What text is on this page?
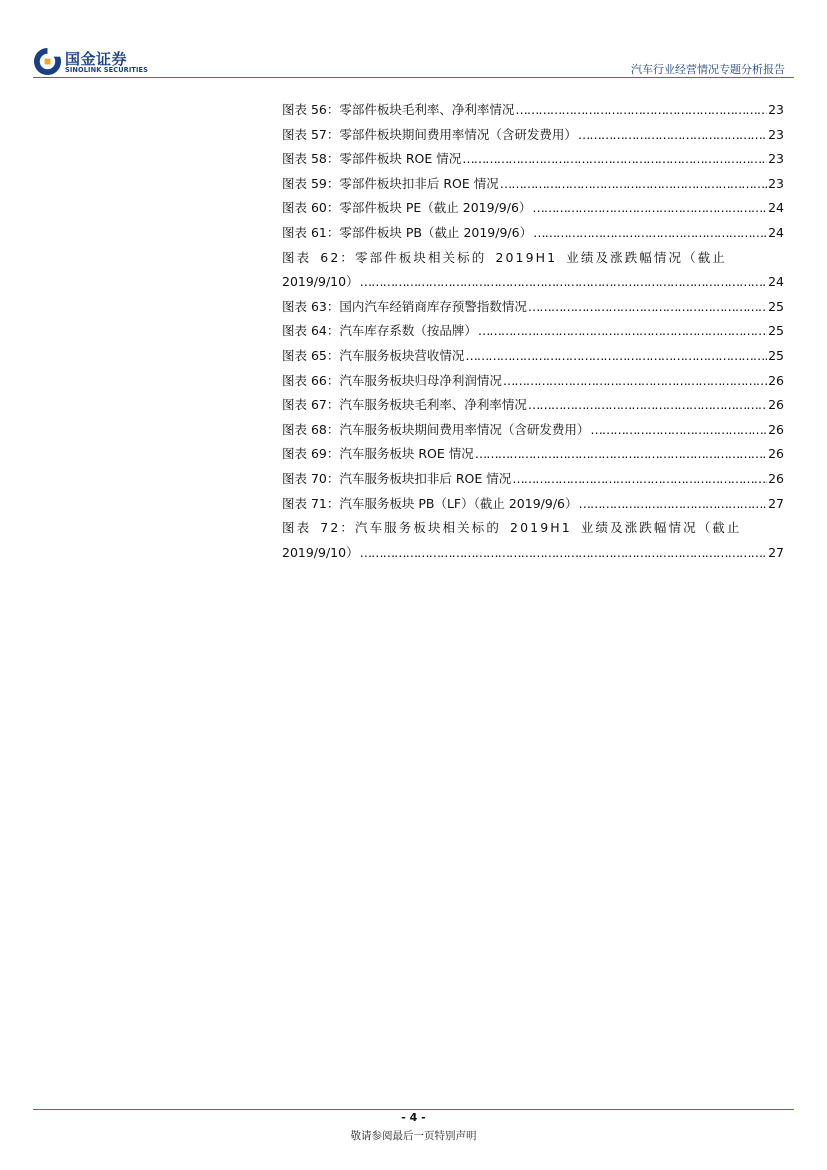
国金证券
SINOLINK SECURITIES	汽车行业经营情况专题分析报告
图表 56：零部件板块毛利率、净利率情况 …………………………………………………………………………………………………………………………………………………………………………………………	23
图表 57：零部件板块期间费用率情况（含研发费用） …………………………………………………………………………………………………………………………………………………………………………………………	23
图表 58：零部件板块 ROE 情况 …………………………………………………………………………………………………………………………………………………………………………………………	23
图表 59：零部件板块扣非后 ROE 情况 …………………………………………………………………………………………………………………………………………………………………………………………	23
图表 60：零部件板块 PE（截止 2019/9/6） …………………………………………………………………………………………………………………………………………………………………………………………	24
图表 61：零部件板块 PB（截止 2019/9/6） …………………………………………………………………………………………………………………………………………………………………………………………	24
图表 62：零部件板块相关标的 2019H1 业绩及涨跌幅情况（截止
2019/9/10） …………………………………………………………………………………………………………………………………………………………………………………………	24
图表 63：国内汽车经销商库存预警指数情况 …………………………………………………………………………………………………………………………………………………………………………………………	25
图表 64：汽车库存系数（按品牌） …………………………………………………………………………………………………………………………………………………………………………………………	25
图表 65：汽车服务板块营收情况 …………………………………………………………………………………………………………………………………………………………………………………………	25
图表 66：汽车服务板块归母净利润情况 …………………………………………………………………………………………………………………………………………………………………………………………	26
图表 67：汽车服务板块毛利率、净利率情况 …………………………………………………………………………………………………………………………………………………………………………………………	26
图表 68：汽车服务板块期间费用率情况（含研发费用） …………………………………………………………………………………………………………………………………………………………………………………………	26
图表 69：汽车服务板块 ROE 情况 …………………………………………………………………………………………………………………………………………………………………………………………	26
图表 70：汽车服务板块扣非后 ROE 情况 …………………………………………………………………………………………………………………………………………………………………………………………	26
图表 71：汽车服务板块 PB（LF）（截止 2019/9/6） …………………………………………………………………………………………………………………………………………………………………………………………	27
图表 72：汽车服务板块相关标的 2019H1 业绩及涨跌幅情况（截止
2019/9/10） …………………………………………………………………………………………………………………………………………………………………………………………	27
- 4 -
敬请参阅最后一页特别声明
